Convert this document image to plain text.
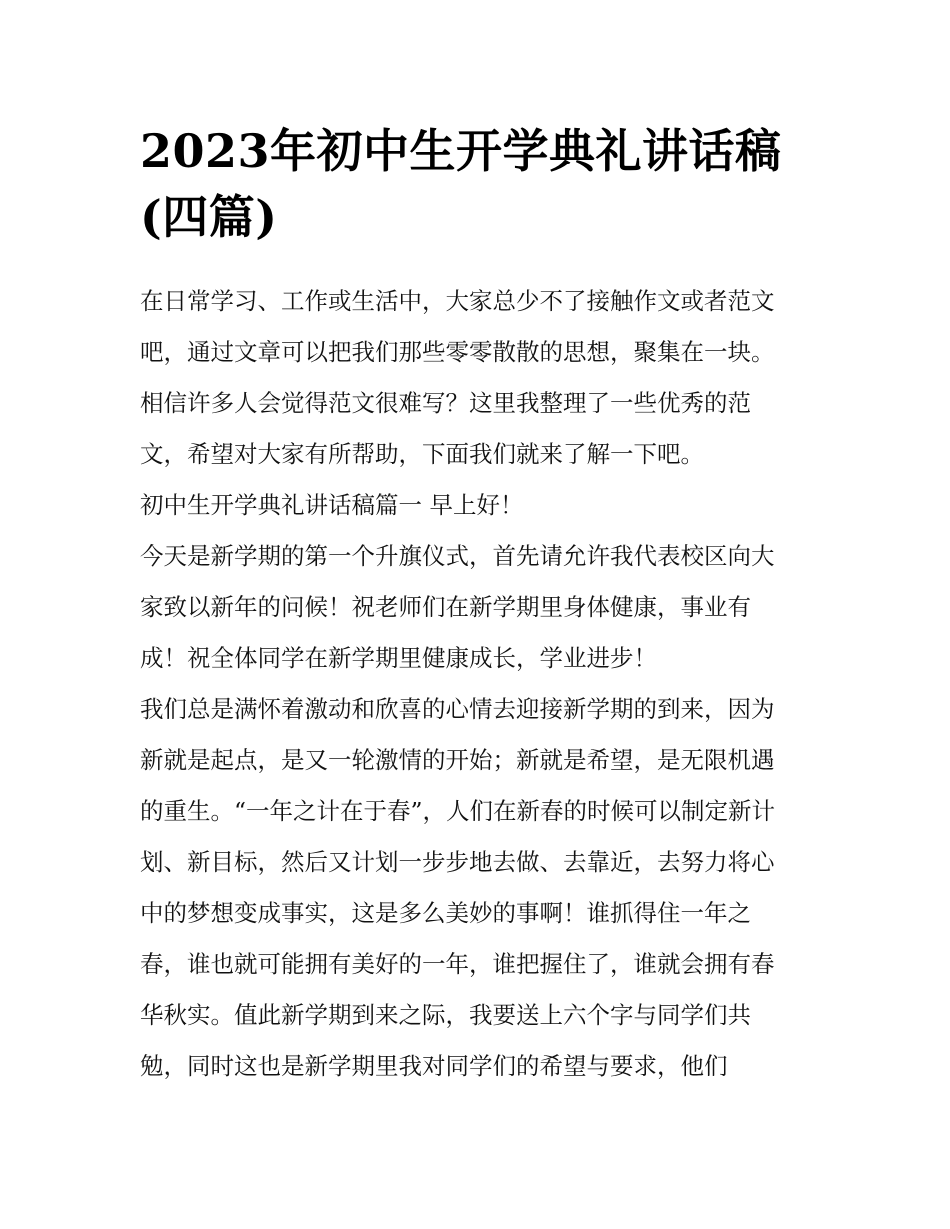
2023年初中生开学典礼讲话稿
(四篇)
在日常学习、工作或生活中，大家总少不了接触作文或者范文
吧，通过文章可以把我们那些零零散散的思想，聚集在一块。
相信许多人会觉得范文很难写？这里我整理了一些优秀的范
文，希望对大家有所帮助，下面我们就来了解一下吧。
初中生开学典礼讲话稿篇一 早上好！
今天是新学期的第一个升旗仪式，首先请允许我代表校区向大
家致以新年的问候！祝老师们在新学期里身体健康，事业有
成！祝全体同学在新学期里健康成长，学业进步！
我们总是满怀着激动和欣喜的心情去迎接新学期的到来，因为
新就是起点，是又一轮激情的开始；新就是希望，是无限机遇
的重生。“一年之计在于春”，人们在新春的时候可以制定新计
划、新目标，然后又计划一步步地去做、去靠近，去努力将心
中的梦想变成事实，这是多么美妙的事啊！谁抓得住一年之
春，谁也就可能拥有美好的一年，谁把握住了，谁就会拥有春
华秋实。值此新学期到来之际，我要送上六个字与同学们共
勉，同时这也是新学期里我对同学们的希望与要求，他们
